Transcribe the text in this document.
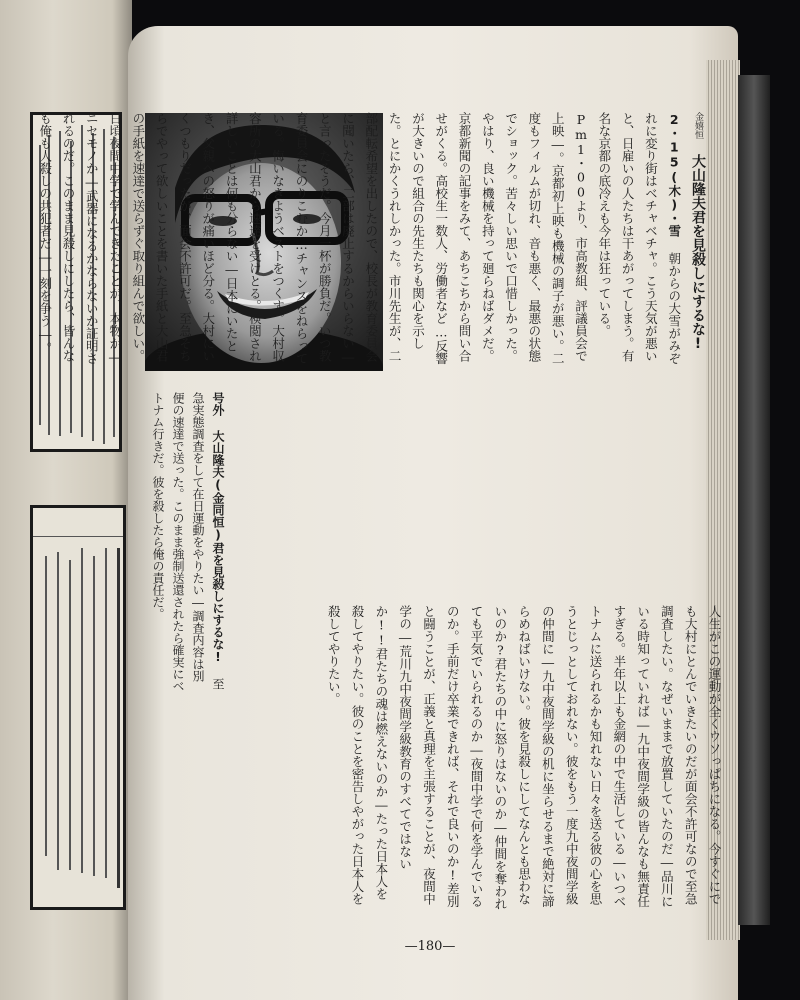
金嬉恒 大山隆夫君を見殺しにするな! 2・15(木)・雪 朝からの大雪がみぞれに変り街はベチャベチャ。こう天気が悪いと、日雇いの人たちは干あがってしまう。有名な京都の底冷えも今年は狂っている。Pm1・00より、市高教組、評議員会で上映―。京都初上映も機械の調子が悪い。二度もフィルムが切れ、音も悪く、最悪の状態でショック。苦々しい思いで口惜しかった。やはり、良い機械を持って廻らねばダメだ。京都新聞の記事をみて、あちこちから問い合せがくる。高校生一数人、労働者など…反響が大きいので組合の先生たちも関心を示した。とにかくうれしかった。市川先生が、二部配転希望を出したので、校長が教育委員会に聞いたら、二部は廃止するからいらない―と言ったそうだ。今月一杯が勝負だ。いつ教育委員会にのりこむか…チャンスをねらっている。悔いなきようベストをつくす。大村収容所の大山君から速達を受けとる。検閲され詳しいことは何も分らない―日本にいたとき、父親への怒りが痛いほど分る。大村にいくつもりだったが、面会不許可だ。至急そちらでやって欲しいことを書いた手紙と大山君の手紙を速達で送らずぐ取り組んで欲しい。日頃夜間中学で学んできたことが、本物か―ニセモノか―武器になるかならないか証明されるのだ。このまま見殺しにしたら、皆んなも俺も人殺しの共犯者だ―一刻を争う―。
人生がこの運動が全くウソっぱちになる。今すぐにでも大村にとんでいきたいのだが面会不許可なので至急調査したい。なぜいままで放置していたのだ―品川にいる時知っていれば―九中夜間学級の皆んなも無責任すぎる。半年以上も金網の中で生活している―いつベトナムに送られるかも知れない日々を送る彼の心を思うとじっとしておれない。彼をもう一度九中夜間学級の仲間に―九中夜間学級の机に坐らせるまで絶対に諦らめねばいけない。彼を見殺しにしてなんとも思わないのか?君たちの中に怒りはないのか―仲間を奪われても平気でいられるのか―夜間中学で何を学んでいるのか。手前だけ卒業できれば、それで良いのか!差別と闘うことが、正義と真理を主張することが、夜間中学の―荒川九中夜間学級教育のすべてではないか!!君たちの魂は燃えないのか―たった日本人を殺してやりたい。彼のことを密告しやがった日本人を殺してやりたい。
号外 大山隆夫(金同恒)君を見殺しにするな! 至急実態調査をして在日運動をやりたい―調査内容は別便の速達で送った。このまま強制送還されたら確実にベトナム行きだ。彼を殺したら俺の責任だ。
—180—
